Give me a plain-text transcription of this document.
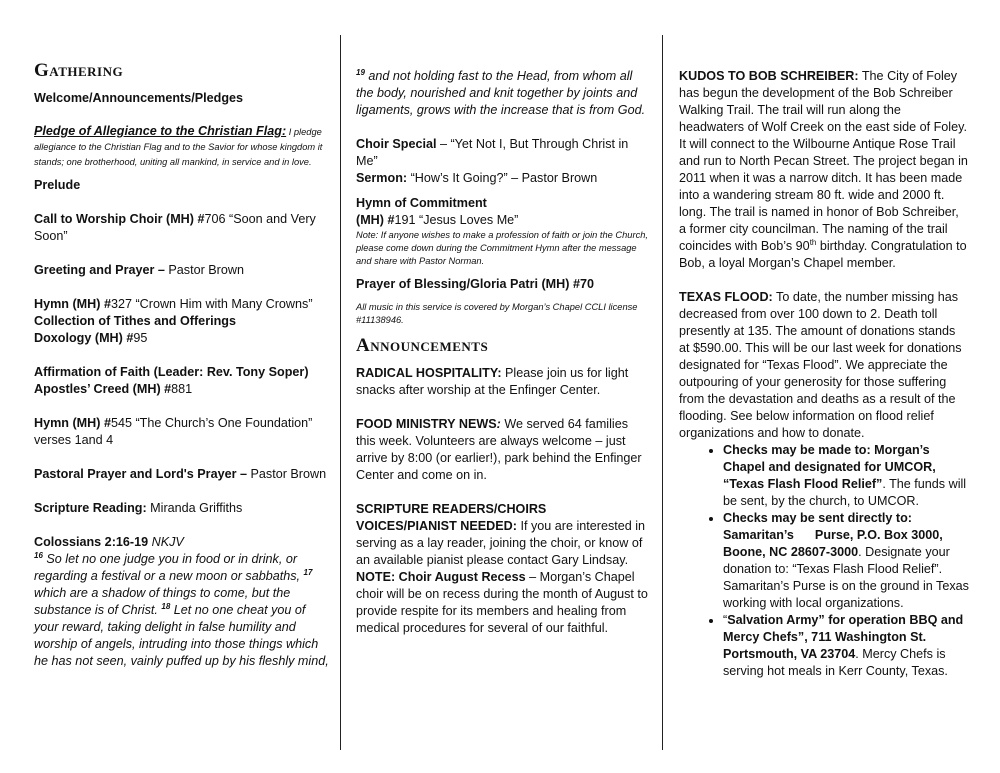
Gathering

Welcome/Announcements/Pledges

Pledge of Allegiance to the Christian Flag: I pledge allegiance to the Christian Flag and to the Savior for whose kingdom it stands; one brotherhood, uniting all mankind, in service and in love.

Prelude

Call to Worship Choir (MH) #706 “Soon and Very Soon”

Greeting and Prayer – Pastor Brown

Hymn (MH) #327 “Crown Him with Many Crowns”

Collection of Tithes and Offerings

Doxology (MH) #95

Affirmation of Faith (Leader: Rev. Tony Soper)

Apostles’ Creed (MH) #881

Hymn (MH) #545 “The Church’s One Foundation” verses 1and 4

Pastoral Prayer and Lord's Prayer – Pastor Brown

Scripture Reading: Miranda Griffiths

Colossians 2:16-19 NKJV

$^{16}$ So let no one judge you in food or in drink, or regarding a festival or a new moon or sabbaths, $^{17}$ which are a shadow of things to come, but the substance is of Christ. $^{18}$ Let no one cheat you of your reward, taking delight in false humility and worship of angels, intruding into those things which he has not seen, vainly puffed up by his fleshly mind,

$^{19}$ and not holding fast to the Head, from whom all the body, nourished and knit together by joints and ligaments, grows with the increase that is from God.

Choir Special – “Yet Not I, But Through Christ in Me”

Sermon: “How’s It Going?” – Pastor Brown

Hymn of Commitment

(MH) #191 “Jesus Loves Me”

Note: If anyone wishes to make a profession of faith or join the Church, please come down during the Commitment Hymn after the message and share with Pastor Norman.

Prayer of Blessing/Gloria Patri (MH) #70

All music in this service is covered by Morgan’s Chapel CCLI license #11138946.

Announcements

RADICAL HOSPITALITY: Please join us for light snacks after worship at the Enfinger Center.

FOOD MINISTRY NEWS: We served 64 families this week. Volunteers are always welcome – just arrive by 8:00 (or earlier!), park behind the Enfinger Center and come on in.

SCRIPTURE READERS/CHOIRS VOICES/PIANIST NEEDED: If you are interested in serving as a lay reader, joining the choir, or know of an available pianist please contact Gary Lindsay.

NOTE: Choir August Recess – Morgan’s Chapel choir will be on recess during the month of August to provide respite for its members and healing from medical procedures for several of our faithful.

KUDOS TO BOB SCHREIBER: The City of Foley has begun the development of the Bob Schreiber Walking Trail. The trail will run along the headwaters of Wolf Creek on the east side of Foley. It will connect to the Wilbourne Antique Rose Trail and run to North Pecan Street. The project began in 2011 when it was a narrow ditch. It has been made into a wandering stream 80 ft. wide and 2000 ft. long. The trail is named in honor of Bob Schreiber, a former city councilman. The naming of the trail coincides with Bob’s 90th birthday. Congratulation to Bob, a loyal Morgan’s Chapel member.

TEXAS FLOOD: To date, the number missing has decreased from over 100 down to 2. Death toll presently at 135. The amount of donations stands at $590.00. This will be our last week for donations designated for “Texas Flood”. We appreciate the outpouring of your generosity for those suffering from the devastation and deaths as a result of the flooding. See below information on flood relief organizations and how to donate.

• Checks may be made to: Morgan’s Chapel and designated for UMCOR, “Texas Flash Flood Relief”. The funds will be sent, by the church, to UMCOR.
• Checks may be sent directly to: Samaritan’s      Purse, P.O. Box 3000, Boone, NC 28607-3000. Designate your donation to: “Texas Flash Flood Relief”. Samaritan’s Purse is on the ground in Texas working with local organizations.
• “Salvation Army” for operation BBQ and Mercy Chefs”, 711 Washington St. Portsmouth, VA 23704. Mercy Chefs is serving hot meals in Kerr County, Texas.
